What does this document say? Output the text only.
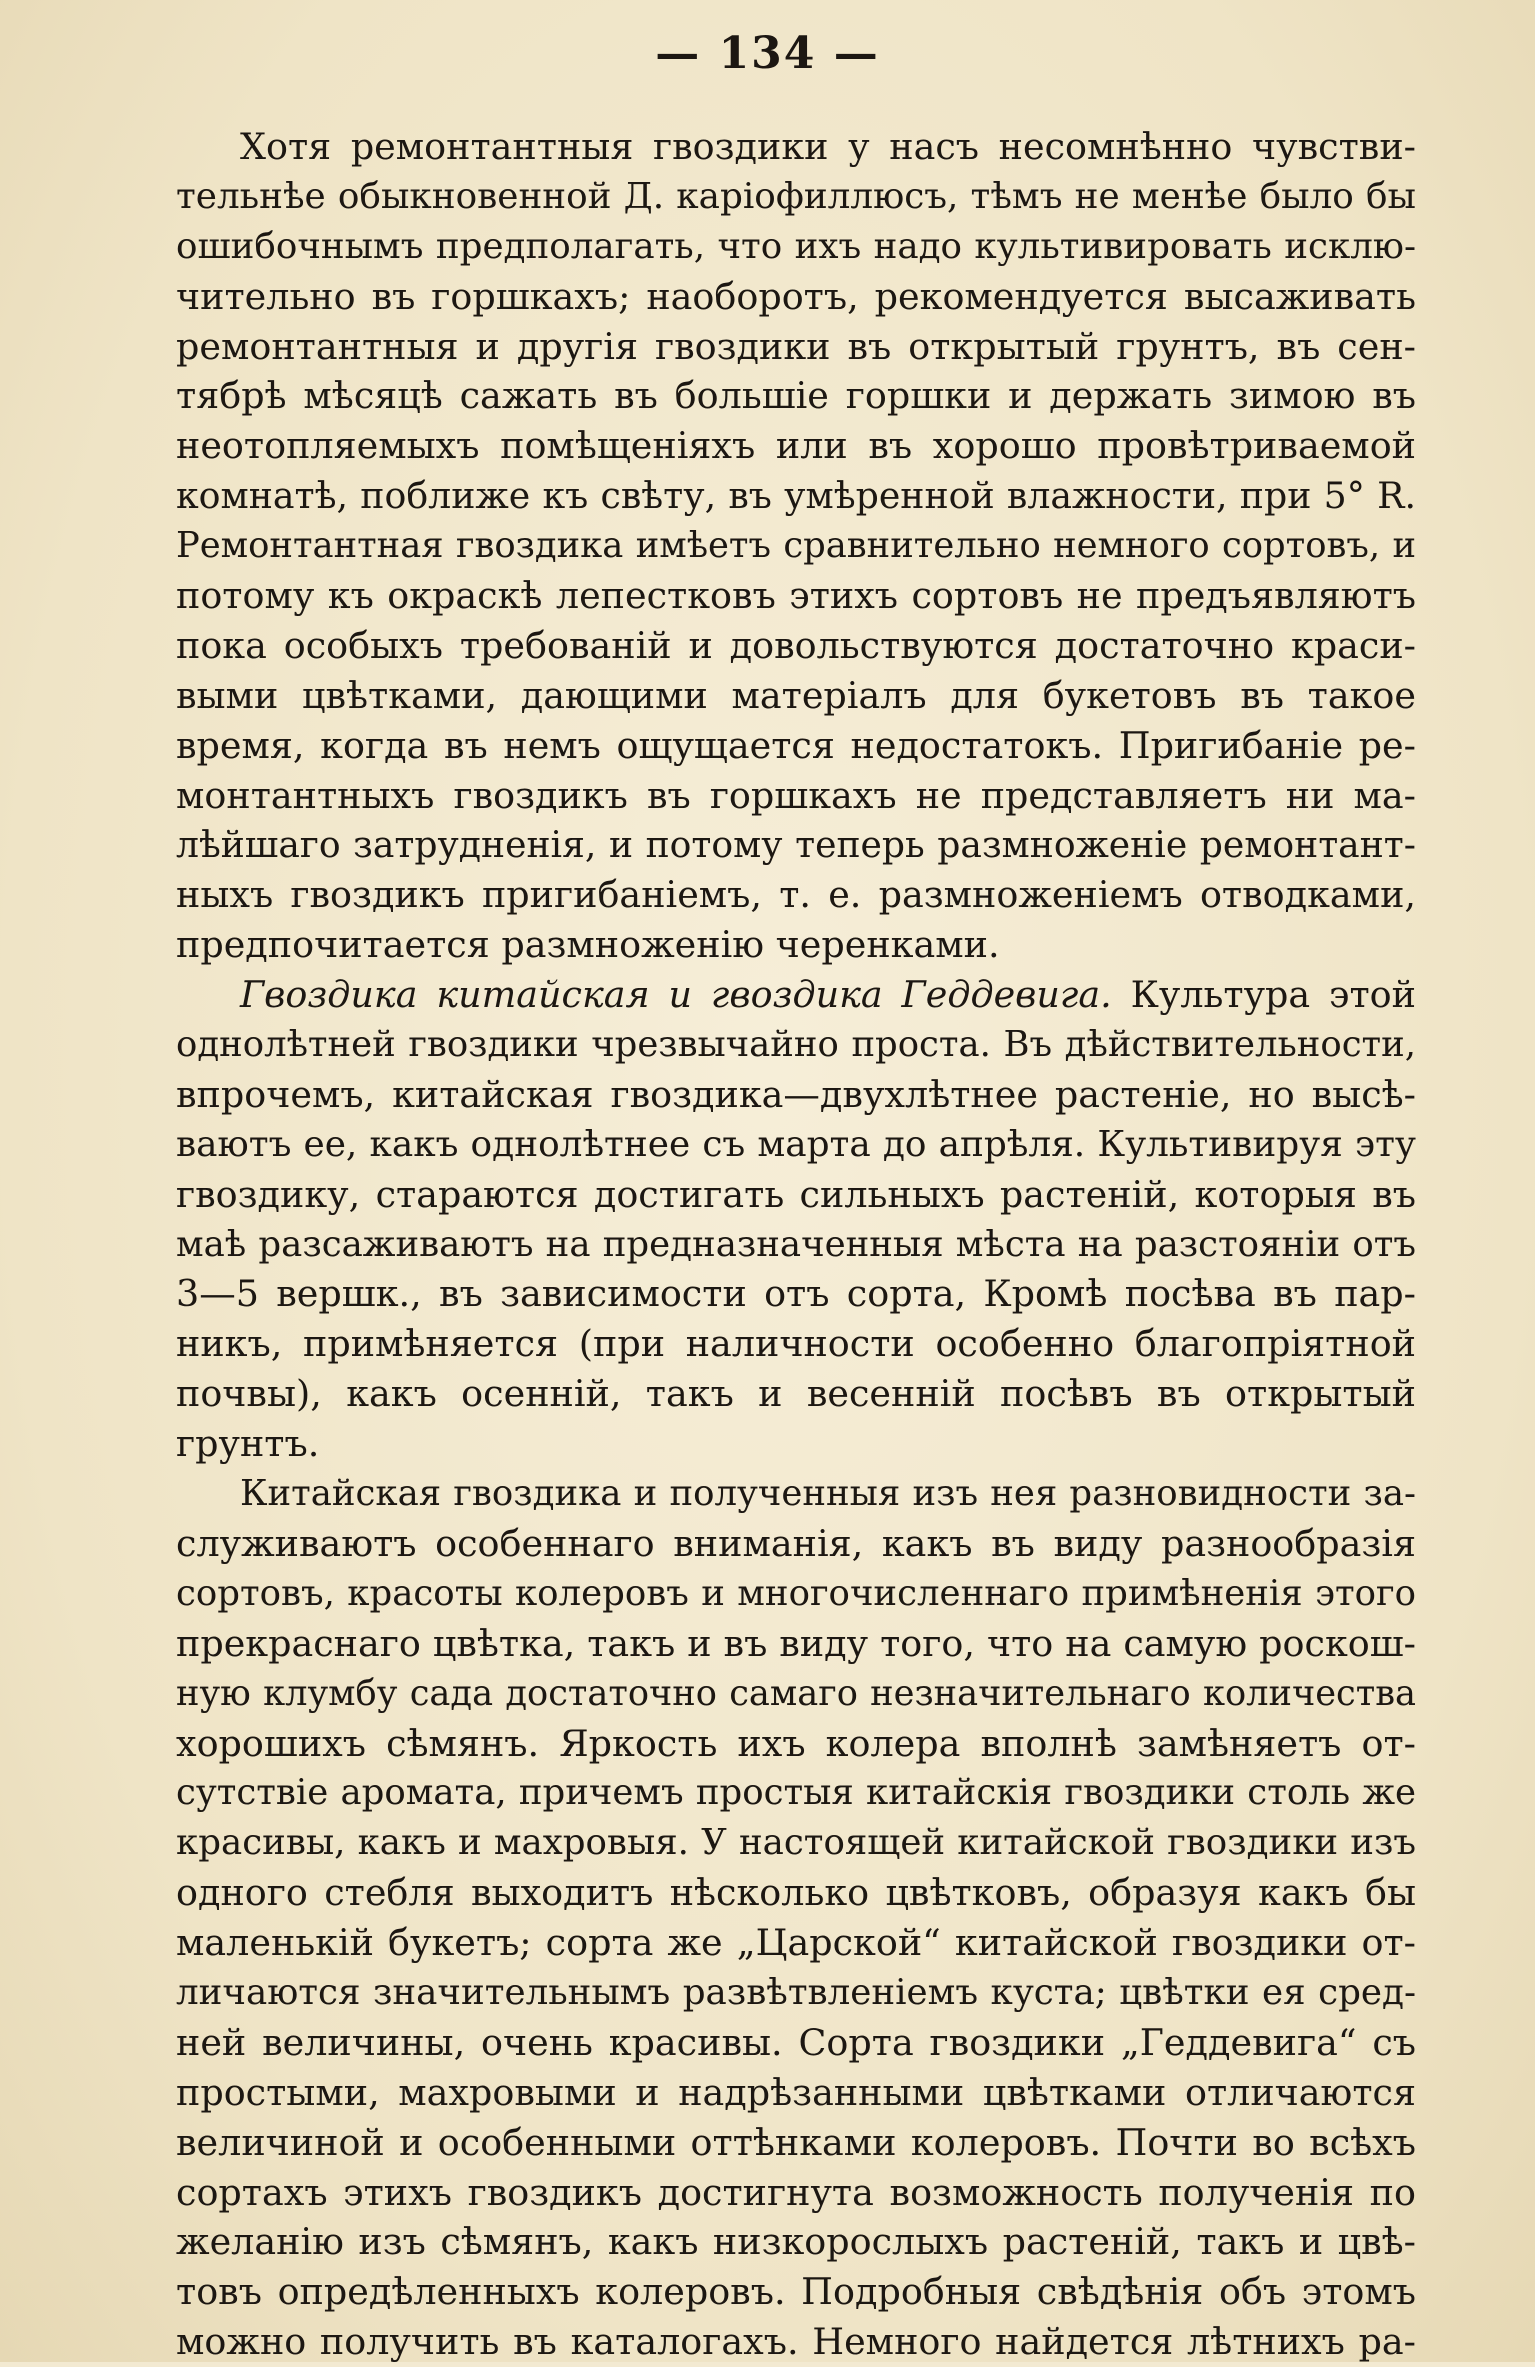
— 134 —
Хотя ремонтантныя гвоздики у насъ несомнѣнно чувстви-
тельнѣе обыкновенной Д. каріофиллюсъ, тѣмъ не менѣе было бы
ошибочнымъ предполагать, что ихъ надо культивировать исклю-
чительно въ горшкахъ; наоборотъ, рекомендуется высаживать
ремонтантныя и другія гвоздики въ открытый грунтъ, въ сен-
тябрѣ мѣсяцѣ сажать въ большіе горшки и держать зимою въ
неотопляемыхъ помѣщеніяхъ или въ хорошо провѣтриваемой
комнатѣ, поближе къ свѣту, въ умѣренной влажности, при 5° R.
Ремонтантная гвоздика имѣетъ сравнительно немного сортовъ, и
потому къ окраскѣ лепестковъ этихъ сортовъ не предъявляютъ
пока особыхъ требованій и довольствуются достаточно краси-
выми цвѣтками, дающими матеріалъ для букетовъ въ такое
время, когда въ немъ ощущается недостатокъ. Пригибаніе ре-
монтантныхъ гвоздикъ въ горшкахъ не представляетъ ни ма-
лѣйшаго затрудненія, и потому теперь размноженіе ремонтант-
ныхъ гвоздикъ пригибаніемъ, т. е. размноженіемъ отводками,
предпочитается размноженію черенками.
Гвоздика китайская и гвоздика Геддевига. Культура этой
однолѣтней гвоздики чрезвычайно проста. Въ дѣйствительности,
впрочемъ, китайская гвоздика—двухлѣтнее растеніе, но высѣ-
ваютъ ее, какъ однолѣтнее съ марта до апрѣля. Культивируя эту
гвоздику, стараются достигать сильныхъ растеній, которыя въ
маѣ разсаживаютъ на предназначенныя мѣста на разстояніи отъ
3—5 вершк., въ зависимости отъ сорта, Кромѣ посѣва въ пар-
никъ, примѣняется (при наличности особенно благопріятной
почвы), какъ осенній, такъ и весенній посѣвъ въ открытый
грунтъ.
Китайская гвоздика и полученныя изъ нея разновидности за-
служиваютъ особеннаго вниманія, какъ въ виду разнообразія
сортовъ, красоты колеровъ и многочисленнаго примѣненія этого
прекраснаго цвѣтка, такъ и въ виду того, что на самую роскош-
ную клумбу сада достаточно самаго незначительнаго количества
хорошихъ сѣмянъ. Яркость ихъ колера вполнѣ замѣняетъ от-
сутствіе аромата, причемъ простыя китайскія гвоздики столь же
красивы, какъ и махровыя. У настоящей китайской гвоздики изъ
одного стебля выходитъ нѣсколько цвѣтковъ, образуя какъ бы
маленькій букетъ; сорта же „Царской“ китайской гвоздики от-
личаются значительнымъ развѣтвленіемъ куста; цвѣтки ея сред-
ней величины, очень красивы. Сорта гвоздики „Геддевига“ съ
простыми, махровыми и надрѣзанными цвѣтками отличаются
величиной и особенными оттѣнками колеровъ. Почти во всѣхъ
сортахъ этихъ гвоздикъ достигнута возможность полученія по
желанію изъ сѣмянъ, какъ низкорослыхъ растеній, такъ и цвѣ-
товъ опредѣленныхъ колеровъ. Подробныя свѣдѣнія объ этомъ
можно получить въ каталогахъ. Немного найдется лѣтнихъ ра-
